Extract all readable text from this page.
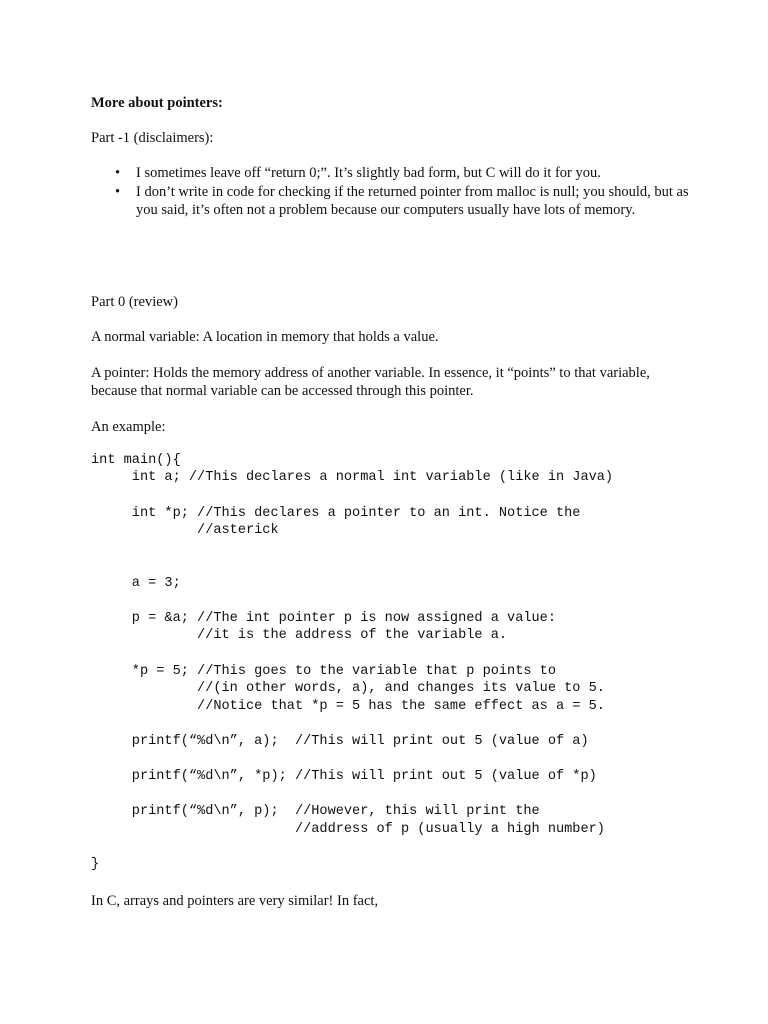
More about pointers:
Part -1 (disclaimers):
• I sometimes leave off “return 0;”. It’s slightly bad form, but C will do it for you.
• I don’t write in code for checking if the returned pointer from malloc is null; you should, but as you said, it’s often not a problem because our computers usually have lots of memory.
Part 0 (review)
A normal variable: A location in memory that holds a value.
A pointer: Holds the memory address of another variable. In essence, it “points” to that variable, because that normal variable can be accessed through this pointer.
An example:
int main(){
int a; //This declares a normal int variable (like in Java)
int *p; //This declares a pointer to an int. Notice the
//asterick
a = 3;
p = &a; //The int pointer p is now assigned a value:
//it is the address of the variable a.
*p = 5; //This goes to the variable that p points to
//(in other words, a), and changes its value to 5.
//Notice that *p = 5 has the same effect as a = 5.
printf(“%d\n”, a);  //This will print out 5 (value of a)
printf(“%d\n”, *p); //This will print out 5 (value of *p)
printf(“%d\n”, p);  //However, this will print the
//address of p (usually a high number)
}
In C, arrays and pointers are very similar! In fact,
